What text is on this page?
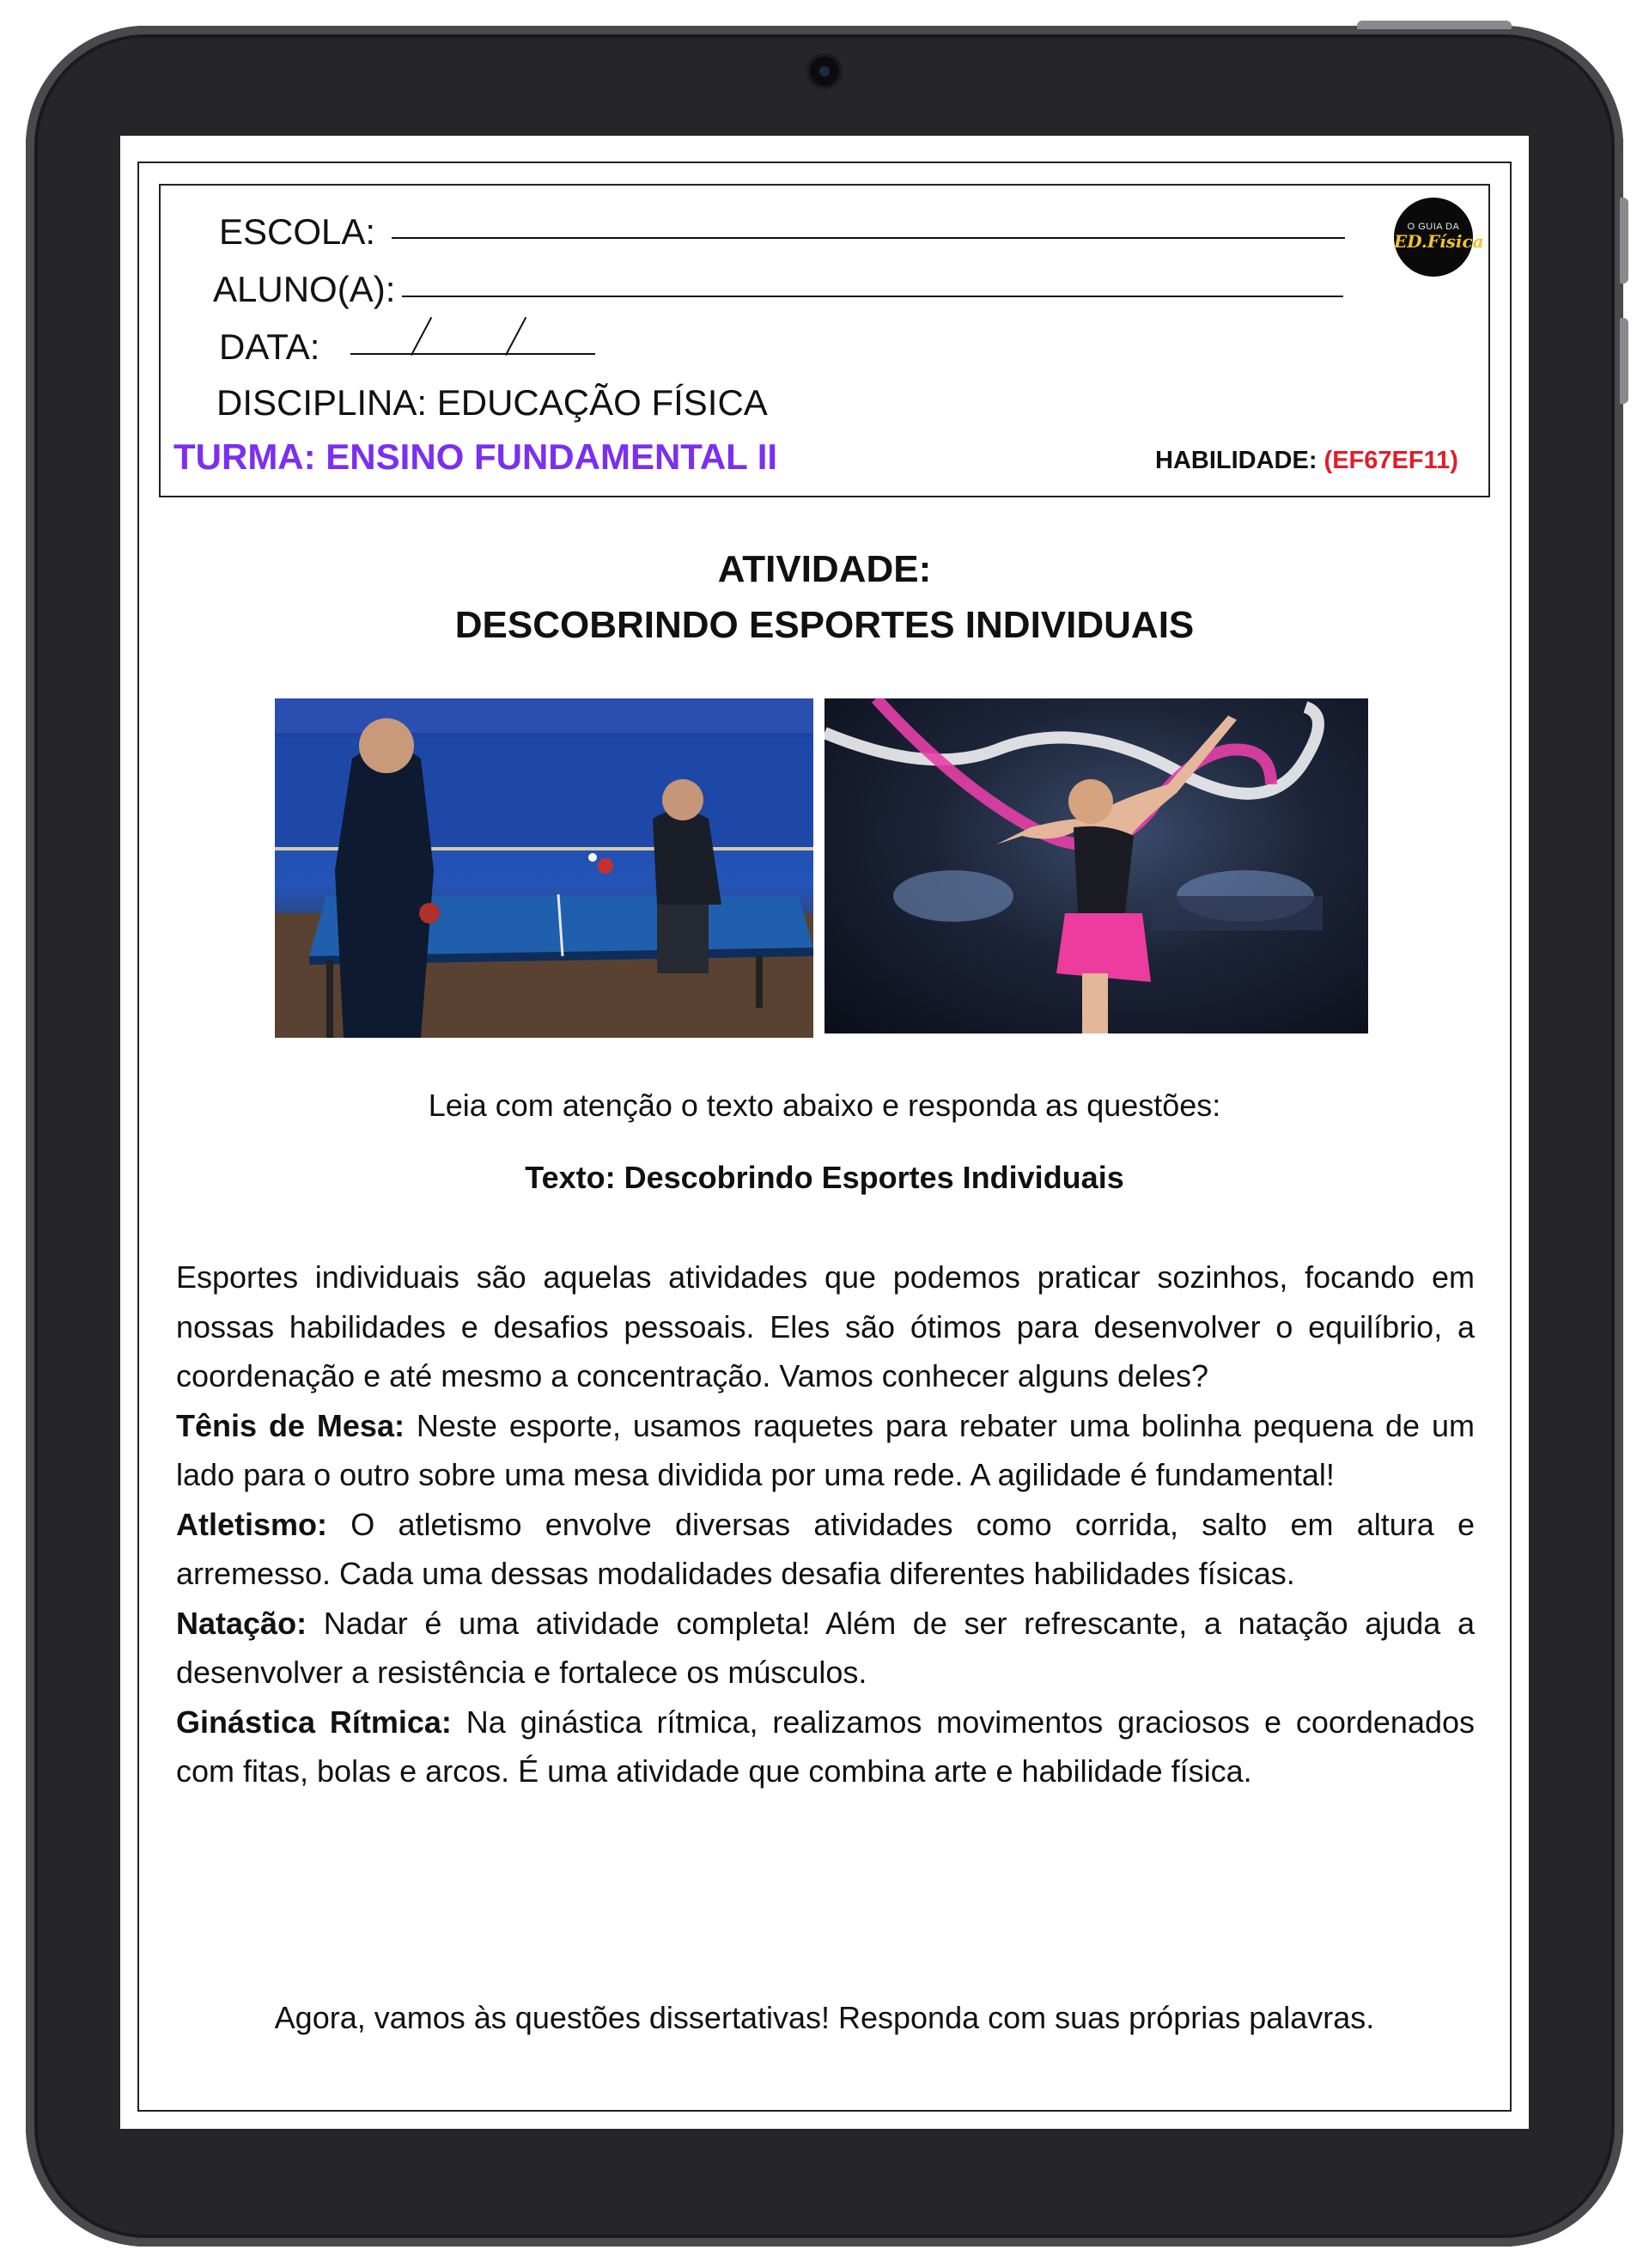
ESCOLA:
ALUNO(A):
DATA:
DISCIPLINA: EDUCAÇÃO FÍSICA
TURMA: ENSINO FUNDAMENTAL II	HABILIDADE: (EF67EF11)
O GUIA DA
ED.Física
ATIVIDADE:
DESCOBRINDO ESPORTES INDIVIDUAIS
Leia com atenção o texto abaixo e responda as questões:
Texto: Descobrindo Esportes Individuais
Esportes individuais são aquelas atividades que podemos praticar sozinhos, focando em nossas habilidades e desafios pessoais. Eles são ótimos para desenvolver o equilíbrio, a coordenação e até mesmo a concentração. Vamos conhecer alguns deles?
Tênis de Mesa: Neste esporte, usamos raquetes para rebater uma bolinha pequena de um lado para o outro sobre uma mesa dividida por uma rede. A agilidade é fundamental!
Atletismo: O atletismo envolve diversas atividades como corrida, salto em altura e arremesso. Cada uma dessas modalidades desafia diferentes habilidades físicas.
Natação: Nadar é uma atividade completa! Além de ser refrescante, a natação ajuda a desenvolver a resistência e fortalece os músculos.
Ginástica Rítmica: Na ginástica rítmica, realizamos movimentos graciosos e coordenados com fitas, bolas e arcos. É uma atividade que combina arte e habilidade física.
Agora, vamos às questões dissertativas! Responda com suas próprias palavras.
